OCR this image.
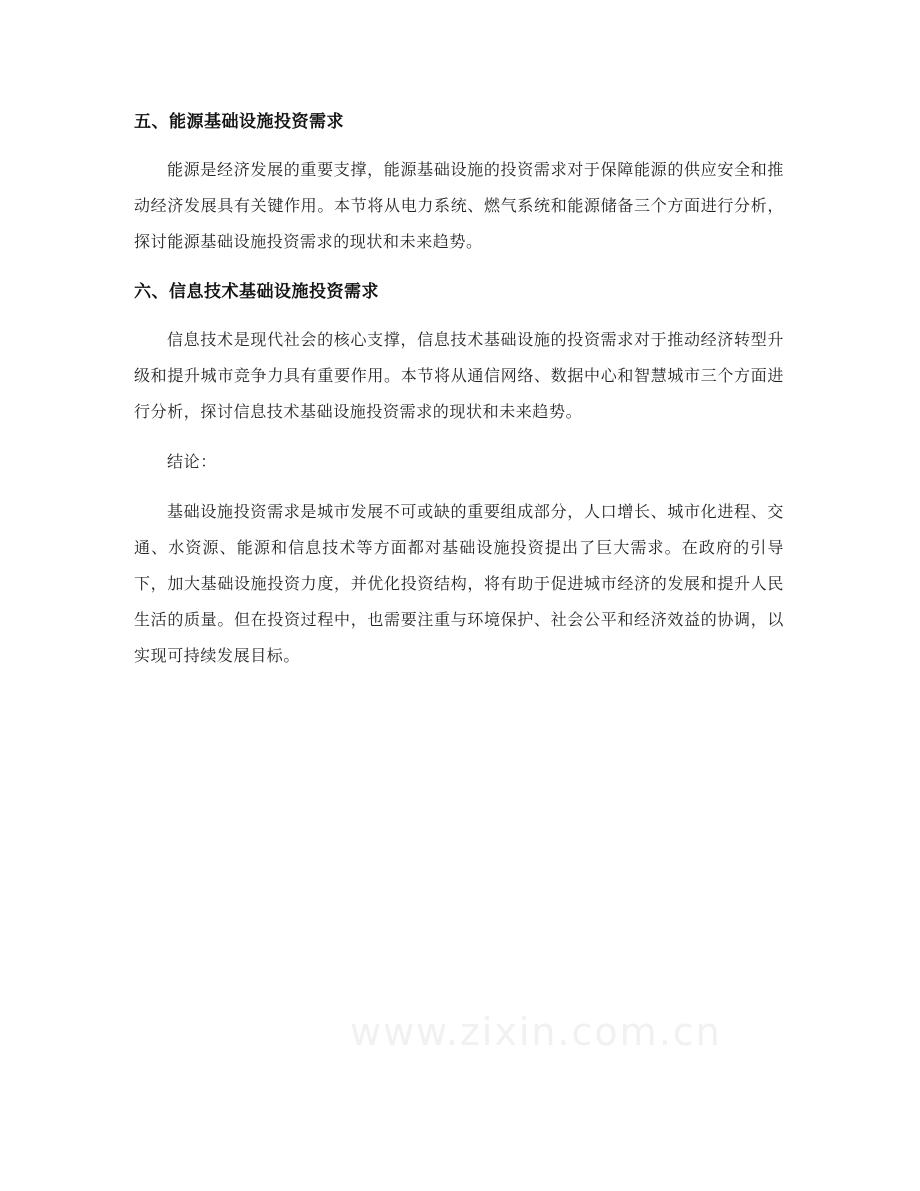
五、能源基础设施投资需求

能源是经济发展的重要支撑，能源基础设施的投资需求对于保障能源的供应安全和推动经济发展具有关键作用。本节将从电力系统、燃气系统和能源储备三个方面进行分析，探讨能源基础设施投资需求的现状和未来趋势。

六、信息技术基础设施投资需求

信息技术是现代社会的核心支撑，信息技术基础设施的投资需求对于推动经济转型升级和提升城市竞争力具有重要作用。本节将从通信网络、数据中心和智慧城市三个方面进行分析，探讨信息技术基础设施投资需求的现状和未来趋势。

结论：

基础设施投资需求是城市发展不可或缺的重要组成部分，人口增长、城市化进程、交通、水资源、能源和信息技术等方面都对基础设施投资提出了巨大需求。在政府的引导下，加大基础设施投资力度，并优化投资结构，将有助于促进城市经济的发展和提升人民生活的质量。但在投资过程中，也需要注重与环境保护、社会公平和经济效益的协调，以实现可持续发展目标。

www.zixin.com.cn
